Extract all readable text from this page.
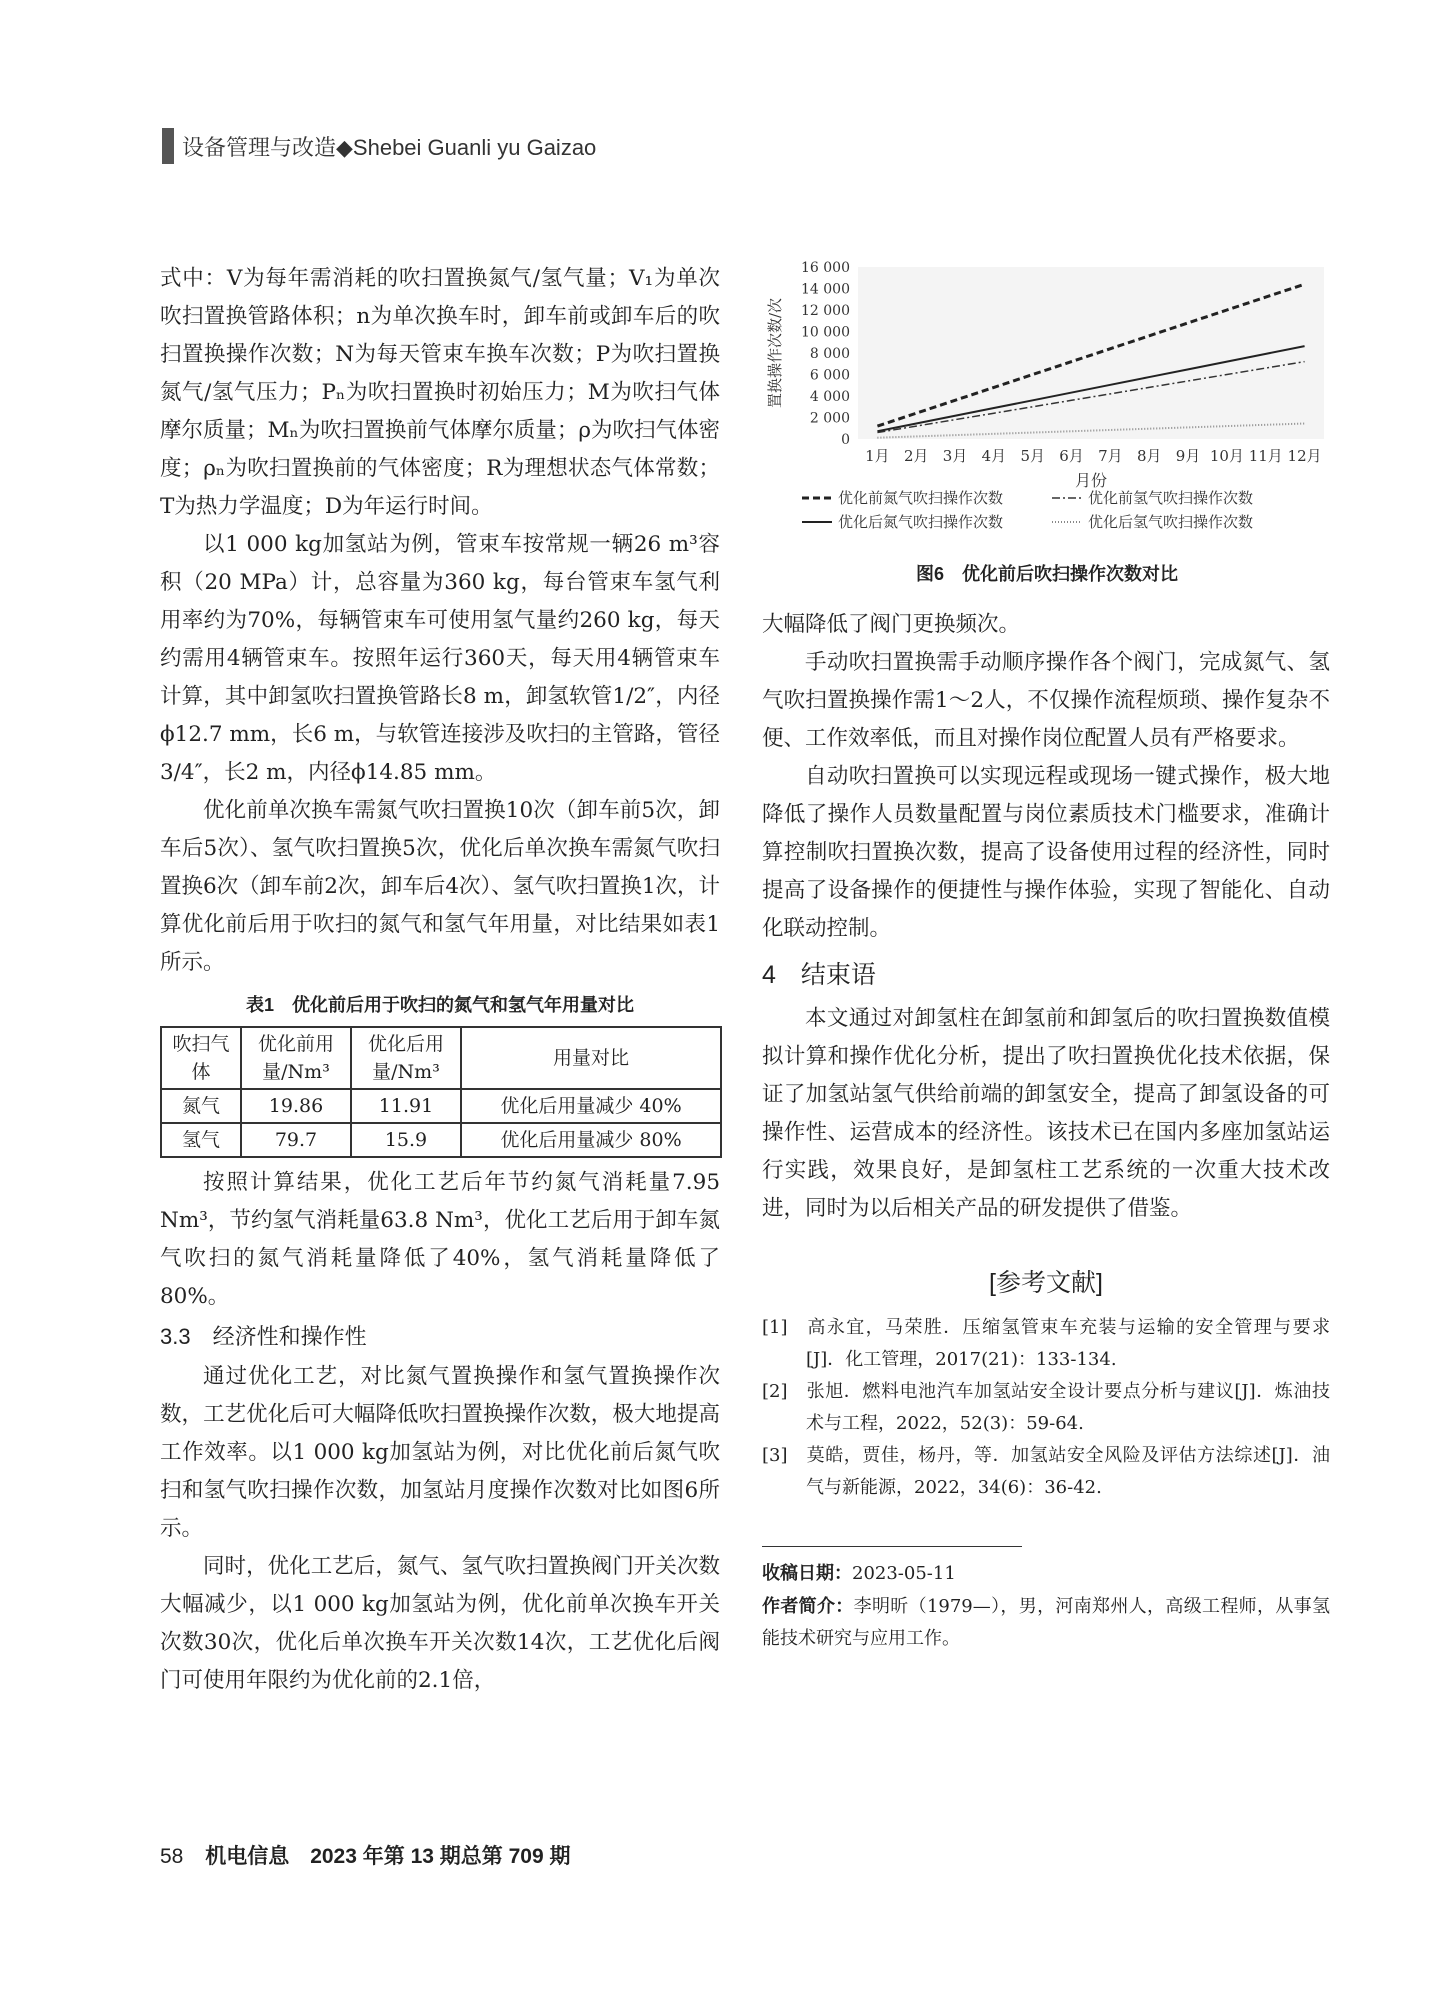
设备管理与改造◆Shebei Guanli yu Gaizao

式中：V为每年需消耗的吹扫置换氮气/氢气量；V₁为单次吹扫置换管路体积；n为单次换车时，卸车前或卸车后的吹扫置换操作次数；N为每天管束车换车次数；P为吹扫置换氮气/氢气压力；Pₙ为吹扫置换时初始压力；M为吹扫气体摩尔质量；Mₙ为吹扫置换前气体摩尔质量；ρ为吹扫气体密度；ρₙ为吹扫置换前的气体密度；R为理想状态气体常数；T为热力学温度；D为年运行时间。

以1 000 kg加氢站为例，管束车按常规一辆26 m³容积（20 MPa）计，总容量为360 kg，每台管束车氢气利用率约为70%，每辆管束车可使用氢气量约260 kg，每天约需用4辆管束车。按照年运行360天，每天用4辆管束车计算，其中卸氢吹扫置换管路长8 m，卸氢软管1/2″，内径ϕ12.7 mm，长6 m，与软管连接涉及吹扫的主管路，管径3/4″，长2 m，内径ϕ14.85 mm。

优化前单次换车需氮气吹扫置换10次（卸车前5次，卸车后5次）、氢气吹扫置换5次，优化后单次换车需氮气吹扫置换6次（卸车前2次，卸车后4次）、氢气吹扫置换1次，计算优化前后用于吹扫的氮气和氢气年用量，对比结果如表1所示。

表1　优化前后用于吹扫的氮气和氢气年用量对比
吹扫气体	优化前用量/Nm³	优化后用量/Nm³	用量对比
氮气	19.86	11.91	优化后用量减少 40%
氢气	79.7	15.9	优化后用量减少 80%

按照计算结果，优化工艺后年节约氮气消耗量7.95 Nm³，节约氢气消耗量63.8 Nm³，优化工艺后用于卸车氮气吹扫的氮气消耗量降低了40%，氢气消耗量降低了80%。

3.3　经济性和操作性

通过优化工艺，对比氮气置换操作和氢气置换操作次数，工艺优化后可大幅降低吹扫置换操作次数，极大地提高工作效率。以1 000 kg加氢站为例，对比优化前后氮气吹扫和氢气吹扫操作次数，加氢站月度操作次数对比如图6所示。

同时，优化工艺后，氮气、氢气吹扫置换阀门开关次数大幅减少，以1 000 kg加氢站为例，优化前单次换车开关次数30次，优化后单次换车开关次数14次，工艺优化后阀门可使用年限约为优化前的2.1倍，

置换操作次数/次
月份
0
2 000
4 000
6 000
8 000
10 000
12 000
14 000
16 000
1月 2月 3月 4月 5月 6月 7月 8月 9月 10月 11月 12月
优化前氮气吹扫操作次数	优化前氢气吹扫操作次数
优化后氮气吹扫操作次数	优化后氢气吹扫操作次数
图6　优化前后吹扫操作次数对比

大幅降低了阀门更换频次。

手动吹扫置换需手动顺序操作各个阀门，完成氮气、氢气吹扫置换操作需1～2人，不仅操作流程烦琐、操作复杂不便、工作效率低，而且对操作岗位配置人员有严格要求。

自动吹扫置换可以实现远程或现场一键式操作，极大地降低了操作人员数量配置与岗位素质技术门槛要求，准确计算控制吹扫置换次数，提高了设备使用过程的经济性，同时提高了设备操作的便捷性与操作体验，实现了智能化、自动化联动控制。

4　结束语

本文通过对卸氢柱在卸氢前和卸氢后的吹扫置换数值模拟计算和操作优化分析，提出了吹扫置换优化技术依据，保证了加氢站氢气供给前端的卸氢安全，提高了卸氢设备的可操作性、运营成本的经济性。该技术已在国内多座加氢站运行实践，效果良好，是卸氢柱工艺系统的一次重大技术改进，同时为以后相关产品的研发提供了借鉴。

[参考文献]

[1] 高永宜，马荣胜．压缩氢管束车充装与运输的安全管理与要求[J]．化工管理，2017(21)：133-134.

[2] 张旭．燃料电池汽车加氢站安全设计要点分析与建议[J]．炼油技术与工程，2022，52(3)：59-64.

[3] 莫皓，贾佳，杨丹，等．加氢站安全风险及评估方法综述[J]．油气与新能源，2022，34(6)：36-42.

收稿日期：2023-05-11

作者简介：李明昕（1979—），男，河南郑州人，高级工程师，从事氢能技术研究与应用工作。

58 机电信息　2023 年第 13 期总第 709 期
